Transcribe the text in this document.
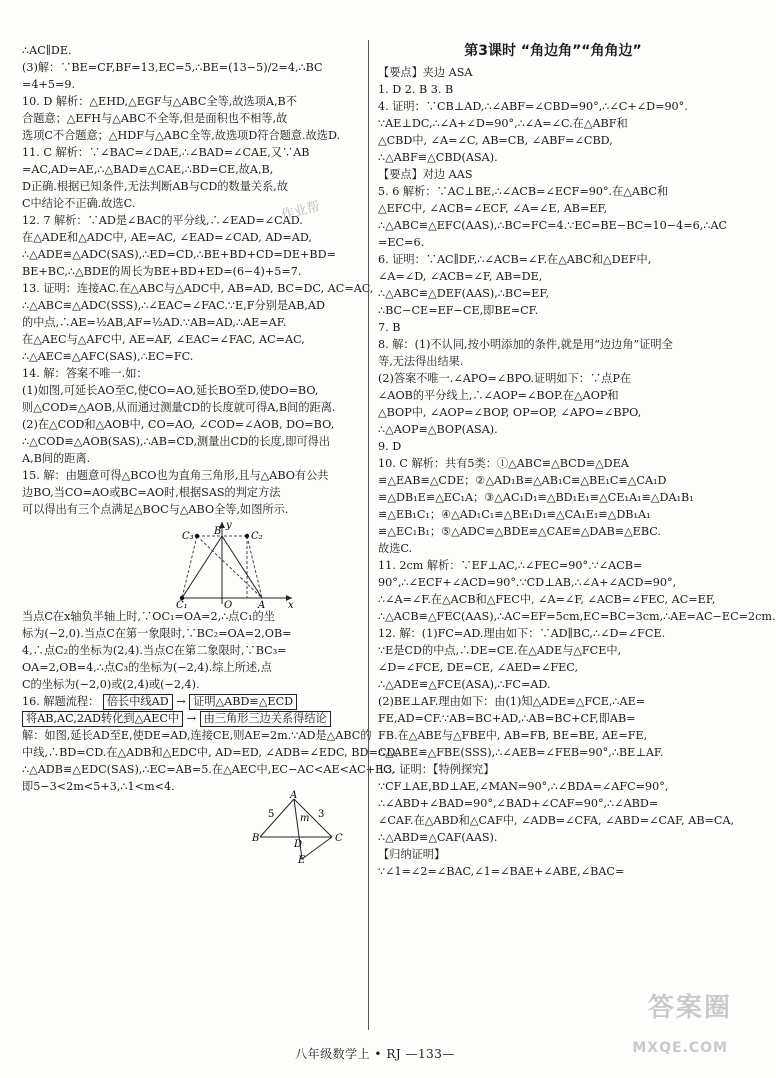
∴AC∥DE.
(3)解：∵BE=CF,BF=13,EC=5,∴BE=(13−5)/2=4,∴BC
=4+5=9.
10. D 解析：△EHD,△EGF与△ABC全等,故选项A,B不
合题意；△EFH与△ABC不全等,但是面积也不相等,故
选项C不合题意；△HDF与△ABC全等,故选项D符合题意.故选D.
11. C 解析：∵∠BAC=∠DAE,∴∠BAD=∠CAE,又∵AB
=AC,AD=AE,∴△BAD≌△CAE,∴BD=CE,故A,B,
D正确.根据已知条件,无法判断AB与CD的数量关系,故
C中结论不正确.故选C.
12. 7 解析：∵AD是∠BAC的平分线,∴∠EAD=∠CAD.
在△ADE和△ADC中, AE=AC, ∠EAD=∠CAD, AD=AD,
∴△ADE≌△ADC(SAS),∴ED=CD,∴BE+BD+CD=DE+BD=
BE+BC,∴△BDE的周长为BE+BD+ED=(6−4)+5=7.
13. 证明：连接AC.在△ABC与△ADC中, AB=AD, BC=DC, AC=AC,
∴△ABC≌△ADC(SSS),∴∠EAC=∠FAC.∵E,F分别是AB,AD
的中点,∴AE=½AB,AF=½AD.∵AB=AD,∴AE=AF.
在△AEC与△AFC中, AE=AF, ∠EAC=∠FAC, AC=AC,
∴△AEC≌△AFC(SAS),∴EC=FC.
14. 解：答案不唯一.如：
(1)如图,可延长AO至C,使CO=AO,延长BO至D,使DO=BO,
则△COD≌△AOB,从而通过测量CD的长度就可得A,B间的距离.
(2)在△COD和△AOB中, CO=AO, ∠COD=∠AOB, DO=BO,
∴△COD≌△AOB(SAS),∴AB=CD,测量出CD的长度,即可得出
A,B间的距离.
15. 解：由题意可得△BCO也为直角三角形,且与△ABO有公共
边BO,当CO=AO或BC=AO时,根据SAS的判定方法
可以得出有三个点满足△BOC与△ABO全等,如图所示.
y
C₃ B	C₂
C₁	O	A x
当点C在x轴负半轴上时,∵OC₁=OA=2,∴点C₁的坐
标为(−2,0).当点C在第一象限时,∵BC₂=OA=2,OB=
4,∴点C₂的坐标为(2,4).当点C在第二象限时,∵BC₃=
OA=2,OB=4,∴点C₃的坐标为(−2,4).综上所述,点
C的坐标为(−2,0)或(2,4)或(−2,4).
16. 解题流程： 倍长中线AD → 证明△ABD≌△ECD
将AB,AC,2AD转化到△AEC中 → 由三角形三边关系得结论
解：如图,延长AD至E,使DE=AD,连接CE,则AE=2m.∵AD是△ABC的
中线,∴BD=CD.在△ADB和△EDC中, AD=ED, ∠ADB=∠EDC, BD=CD,
∴△ADB≌△EDC(SAS),∴EC=AB=5.在△AEC中,EC−AC<AE<AC+EC,
即5−3<2m<5+3,∴1<m<4.
A
5	m 3
B
D
C
E
作业帮
第3课时 “角边角”“角角边”
【要点】夹边 ASA
1. D 2. B 3. B
4. 证明：∵CB⊥AD,∴∠ABF=∠CBD=90°,∴∠C+∠D=90°.
∵AE⊥DC,∴∠A+∠D=90°,∴∠A=∠C.在△ABF和
△CBD中, ∠A=∠C, AB=CB, ∠ABF=∠CBD,
∴△ABF≌△CBD(ASA).
【要点】对边 AAS
5. 6 解析：∵AC⊥BE,∴∠ACB=∠ECF=90°.在△ABC和
△EFC中, ∠ACB=∠ECF, ∠A=∠E, AB=EF,
∴△ABC≌△EFC(AAS),∴BC=FC=4.∵EC=BE−BC=10−4=6,∴AC
=EC=6.
6. 证明：∵AC∥DF,∴∠ACB=∠F.在△ABC和△DEF中,
∠A=∠D, ∠ACB=∠F, AB=DE,
∴△ABC≌△DEF(AAS),∴BC=EF,
∴BC−CE=EF−CE,即BE=CF.
7. B
8. 解：(1)不认同,按小明添加的条件,就是用“边边角”证明全
等,无法得出结果.
(2)答案不唯一.∠APO=∠BPO.证明如下：∵点P在
∠AOB的平分线上,∴∠AOP=∠BOP.在△AOP和
△BOP中, ∠AOP=∠BOP, OP=OP, ∠APO=∠BPO,
∴△AOP≌△BOP(ASA).
9. D
10. C 解析：共有5类：①△ABC≌△BCD≌△DEA
≌△EAB≌△CDE；②△AD₁B≌△AB₁C≌△BE₁C≌△CA₁D
≌△DB₁E≌△EC₁A；③△AC₁D₁≌△BD₁E₁≌△CE₁A₁≌△DA₁B₁
≌△EB₁C₁；④△AD₁C₁≌△BE₁D₁≌△CA₁E₁≌△DB₁A₁
≌△EC₁B₁；⑤△ADC≌△BDE≌△CAE≌△DAB≌△EBC.
故选C.
11. 2cm 解析：∵EF⊥AC,∴∠FEC=90°.∵∠ACB=
90°,∴∠ECF+∠ACD=90°.∵CD⊥AB,∴∠A+∠ACD=90°,
∴∠A=∠F.在△ACB和△FEC中, ∠A=∠F, ∠ACB=∠FEC, AC=EF,
∴△ACB≌△FEC(AAS),∴AC=EF=5cm,EC=BC=3cm,∴AE=AC−EC=2cm.
12. 解：(1)FC=AD.理由如下：∵AD∥BC,∴∠D=∠FCE.
∵E是CD的中点,∴DE=CE.在△ADE与△FCE中,
∠D=∠FCE, DE=CE, ∠AED=∠FEC,
∴△ADE≌△FCE(ASA),∴FC=AD.
(2)BE⊥AF.理由如下：由(1)知△ADE≌△FCE,∴AE=
FE,AD=CF.∵AB=BC+AD,∴AB=BC+CF,即AB=
FB.在△ABE与△FBE中, AB=FB, BE=BE, AE=FE,
∴△ABE≌△FBE(SSS),∴∠AEB=∠FEB=90°,∴BE⊥AF.
13. 证明：【特例探究】
∵CF⊥AE,BD⊥AE,∠MAN=90°,∴∠BDA=∠AFC=90°,
∴∠ABD+∠BAD=90°,∠BAD+∠CAF=90°,∴∠ABD=
∠CAF.在△ABD和△CAF中, ∠ADB=∠CFA, ∠ABD=∠CAF, AB=CA,
∴△ABD≌△CAF(AAS).
【归纳证明】
∵∠1=∠2=∠BAC,∠1=∠BAE+∠ABE,∠BAC=
八年级数学上 • RJ —133—
答案圈
MXQE.COM
